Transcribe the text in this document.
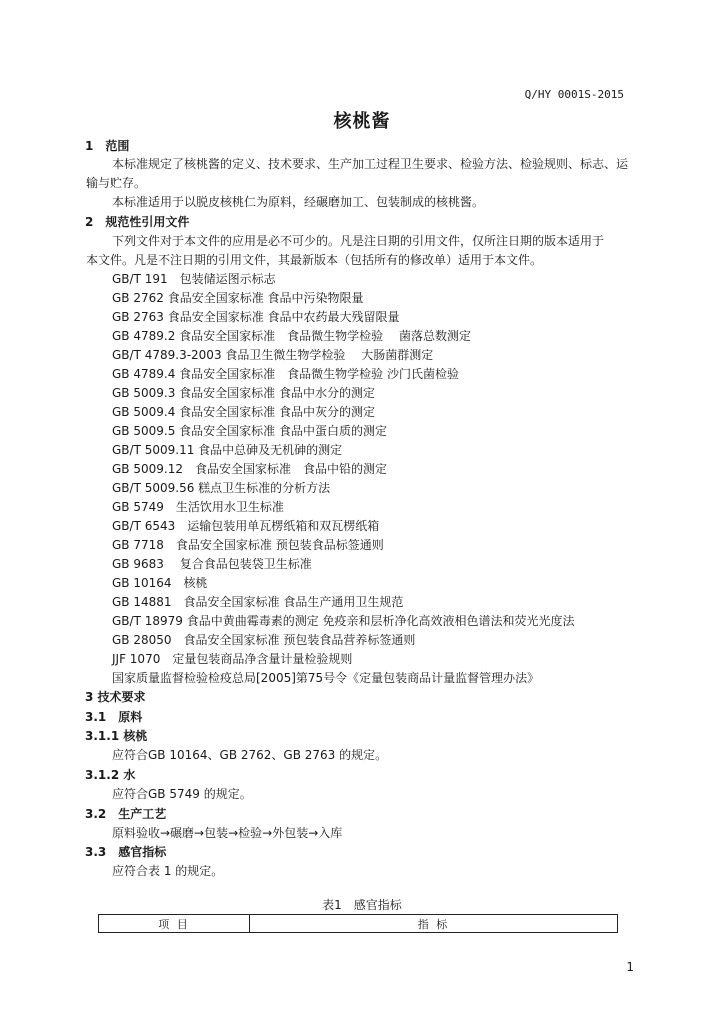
Q/HY 0001S-2015
核桃酱
1　范围
本标准规定了核桃酱的定义、技术要求、生产加工过程卫生要求、检验方法、检验规则、标志、运
输与贮存。
本标准适用于以脱皮核桃仁为原料，经碾磨加工、包装制成的核桃酱。
2　规范性引用文件
下列文件对于本文件的应用是必不可少的。凡是注日期的引用文件，仅所注日期的版本适用于
本文件。凡是不注日期的引用文件，其最新版本（包括所有的修改单）适用于本文件。
GB/T 191　包装储运图示标志
GB 2762 食品安全国家标准 食品中污染物限量
GB 2763 食品安全国家标准 食品中农药最大残留限量
GB 4789.2 食品安全国家标准　食品微生物学检验　 菌落总数测定
GB/T 4789.3-2003 食品卫生微生物学检验　 大肠菌群测定
GB 4789.4 食品安全国家标准　食品微生物学检验 沙门氏菌检验
GB 5009.3 食品安全国家标准 食品中水分的测定
GB 5009.4 食品安全国家标准 食品中灰分的测定
GB 5009.5 食品安全国家标准 食品中蛋白质的测定
GB/T 5009.11 食品中总砷及无机砷的测定
GB 5009.12　食品安全国家标准　食品中铅的测定
GB/T 5009.56 糕点卫生标准的分析方法
GB 5749　生活饮用水卫生标准
GB/T 6543　运输包装用单瓦楞纸箱和双瓦楞纸箱
GB 7718　食品安全国家标准 预包装食品标签通则
GB 9683　 复合食品包装袋卫生标准
GB 10164　核桃
GB 14881　食品安全国家标准 食品生产通用卫生规范
GB/T 18979 食品中黄曲霉毒素的测定 免疫亲和层析净化高效液相色谱法和荧光光度法
GB 28050　食品安全国家标准 预包装食品营养标签通则
JJF 1070　定量包装商品净含量计量检验规则
国家质量监督检验检疫总局[2005]第75号令《定量包装商品计量监督管理办法》
3 技术要求
3.1　原料
3.1.1 核桃
应符合GB 10164、GB 2762、GB 2763 的规定。
3.1.2 水
应符合GB 5749 的规定。
3.2　生产工艺
原料验收→碾磨→包装→检验→外包装→入库
3.3　感官指标
应符合表 1 的规定。
表1　感官指标
项 目	指 标
1
